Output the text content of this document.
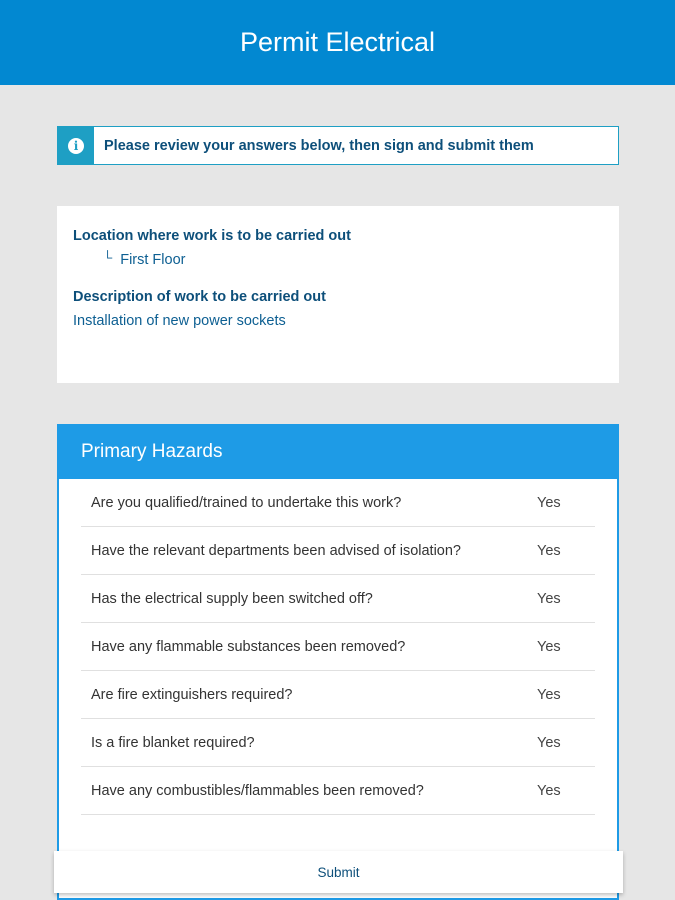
Permit Electrical
i	Please review your answers below, then sign and submit them
Location where work is to be carried out
└ First Floor
Description of work to be carried out
Installation of new power sockets
Primary Hazards
Are you qualified/trained to undertake this work?	Yes
Have the relevant departments been advised of isolation?	Yes
Has the electrical supply been switched off?	Yes
Have any flammable substances been removed?	Yes
Are fire extinguishers required?	Yes
Is a fire blanket required?	Yes
Have any combustibles/flammables been removed?	Yes
Submit
